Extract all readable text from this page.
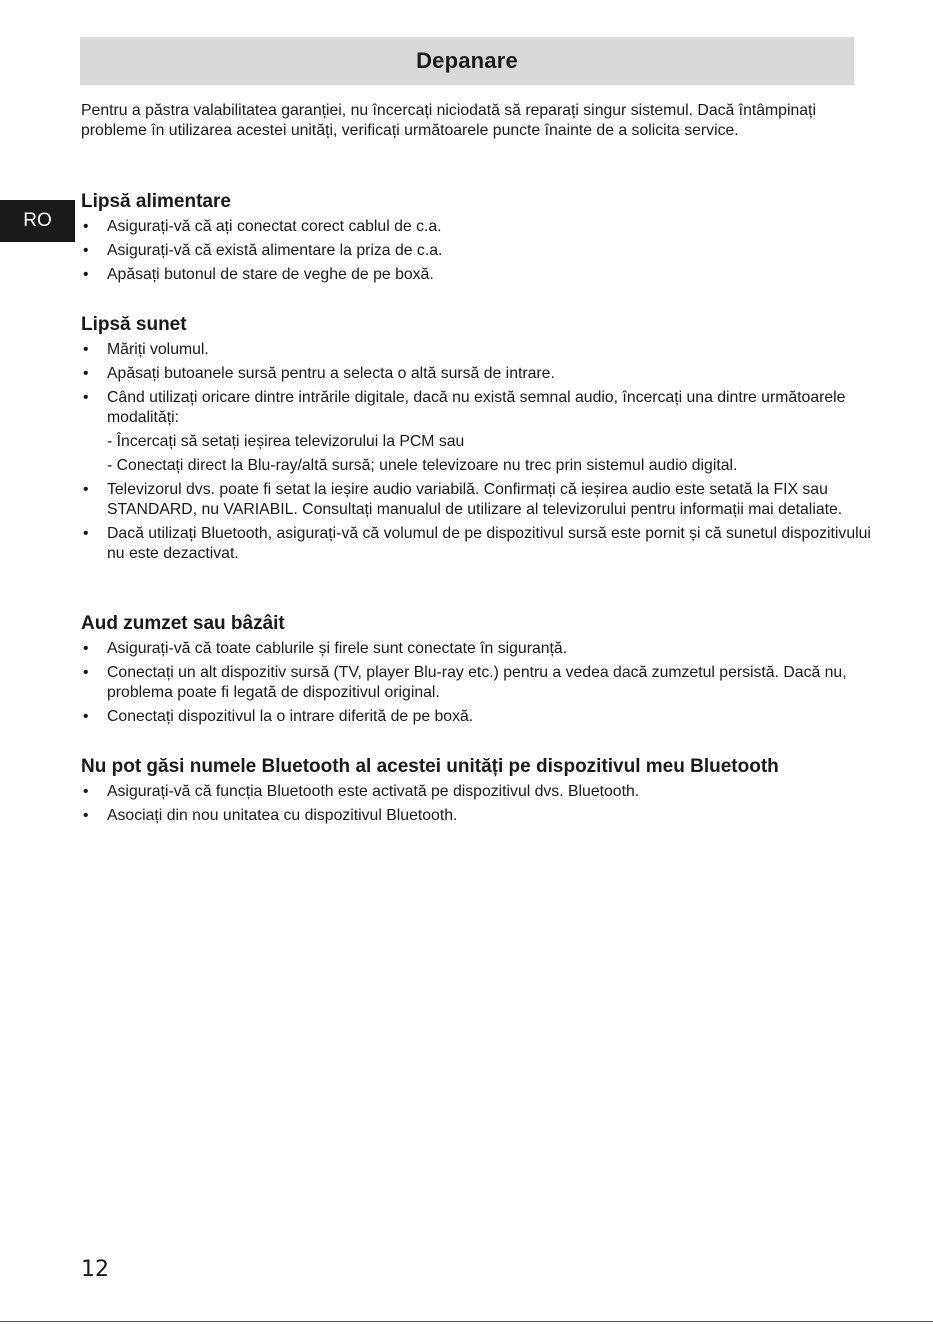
Depanare
RO

Pentru a păstra valabilitatea garanției, nu încercați niciodată să reparați singur sistemul. Dacă întâmpinați probleme în utilizarea acestei unități, verificați următoarele puncte înainte de a solicita service.

Lipsă alimentare
• Asigurați-vă că ați conectat corect cablul de c.a.
• Asigurați-vă că există alimentare la priza de c.a.
• Apăsați butonul de stare de veghe de pe boxă.
Lipsă sunet
• Măriți volumul.
• Apăsați butoanele sursă pentru a selecta o altă sursă de intrare.
• Când utilizați oricare dintre intrările digitale, dacă nu există semnal audio, încercați una dintre următoarele modalități:
- Încercați să setați ieșirea televizorului la PCM sau
- Conectați direct la Blu-ray/altă sursă; unele televizoare nu trec prin sistemul audio digital.
• Televizorul dvs. poate fi setat la ieșire audio variabilă. Confirmați că ieșirea audio este setată la FIX sau STANDARD, nu VARIABIL. Consultați manualul de utilizare al televizorului pentru informații mai detaliate.
• Dacă utilizați Bluetooth, asigurați-vă că volumul de pe dispozitivul sursă este pornit și că sunetul dispozitivului nu este dezactivat.
Aud zumzet sau bâzâit
• Asigurați-vă că toate cablurile și firele sunt conectate în siguranță.
• Conectați un alt dispozitiv sursă (TV, player Blu-ray etc.) pentru a vedea dacă zumzetul persistă. Dacă nu, problema poate fi legată de dispozitivul original.
• Conectați dispozitivul la o intrare diferită de pe boxă.
Nu pot găsi numele Bluetooth al acestei unități pe dispozitivul meu Bluetooth
• Asigurați-vă că funcția Bluetooth este activată pe dispozitivul dvs. Bluetooth.
• Asociați din nou unitatea cu dispozitivul Bluetooth.
12
